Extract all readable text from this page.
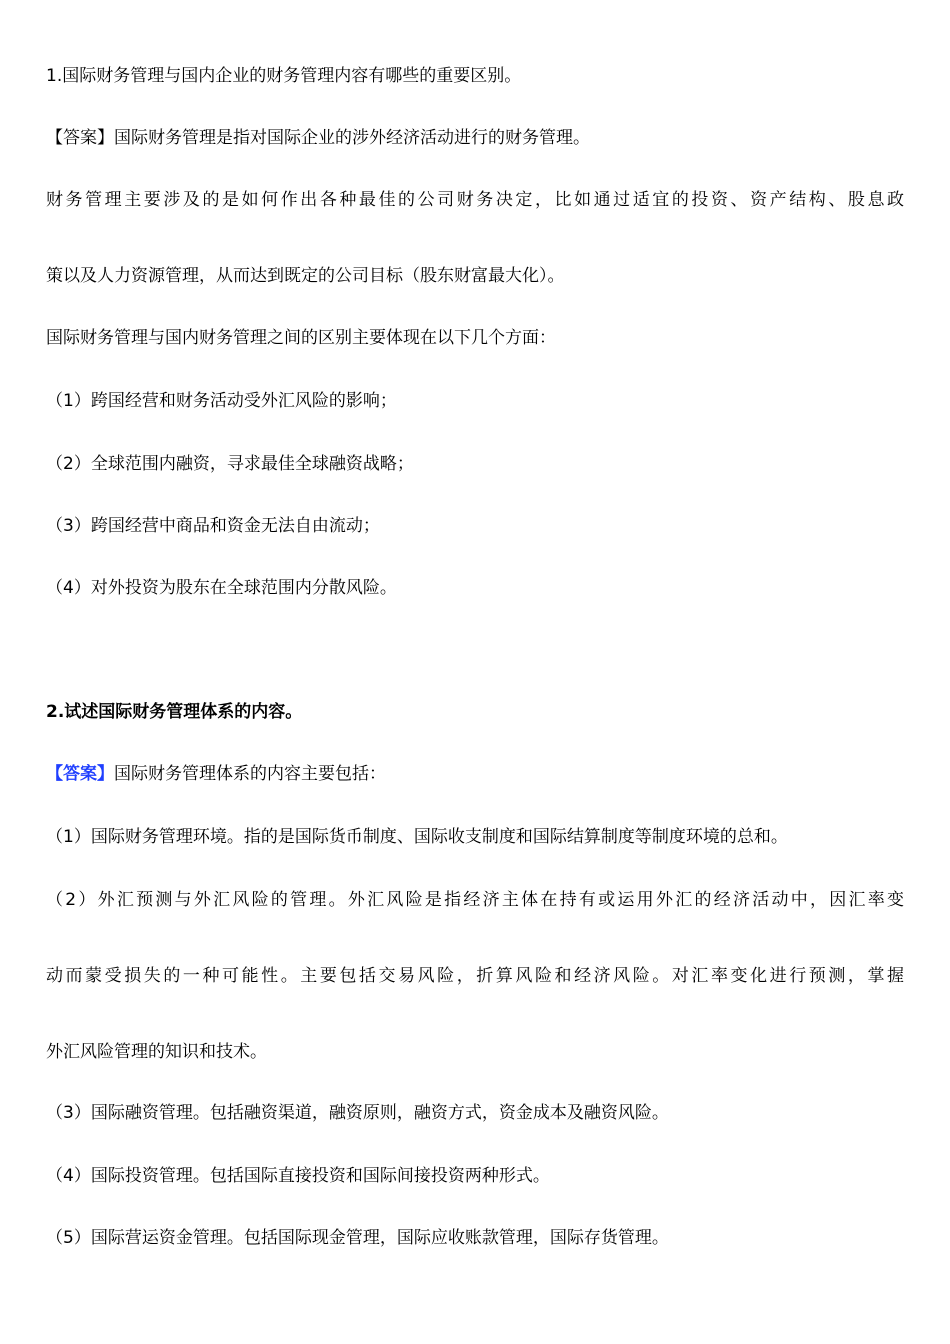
1.国际财务管理与国内企业的财务管理内容有哪些的重要区别。
【答案】国际财务管理是指对国际企业的涉外经济活动进行的财务管理。
财务管理主要涉及的是如何作出各种最佳的公司财务决定，比如通过适宜的投资、资产结构、股息政
策以及人力资源管理，从而达到既定的公司目标（股东财富最大化）。
国际财务管理与国内财务管理之间的区别主要体现在以下几个方面：
（1）跨国经营和财务活动受外汇风险的影响；
（2）全球范围内融资，寻求最佳全球融资战略；
（3）跨国经营中商品和资金无法自由流动；
（4）对外投资为股东在全球范围内分散风险。
2.试述国际财务管理体系的内容。
【答案】国际财务管理体系的内容主要包括：
（1）国际财务管理环境。指的是国际货币制度、国际收支制度和国际结算制度等制度环境的总和。
（2）外汇预测与外汇风险的管理。外汇风险是指经济主体在持有或运用外汇的经济活动中，因汇率变
动而蒙受损失的一种可能性。主要包括交易风险，折算风险和经济风险。对汇率变化进行预测，掌握
外汇风险管理的知识和技术。
（3）国际融资管理。包括融资渠道，融资原则，融资方式，资金成本及融资风险。
（4）国际投资管理。包括国际直接投资和国际间接投资两种形式。
（5）国际营运资金管理。包括国际现金管理，国际应收账款管理，国际存货管理。
